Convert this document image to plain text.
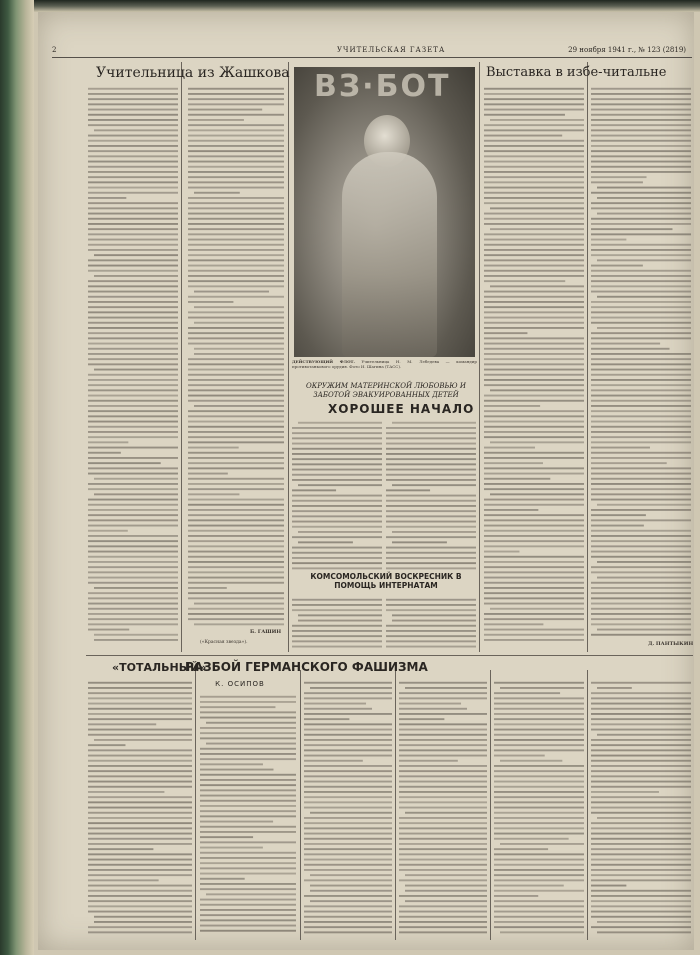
2	УЧИТЕЛЬСКАЯ ГАЗЕТА	29 ноября 1941 г., № 123 (2819)
Учительница из Жашкова
Б. ГАШИН
(«Красная звезда»).
ВЗ·БОТ
ДЕЙСТВУЮЩИЙ ФЛОТ. Учительница Н. М. Лебедева — командир противотанкового орудия. Фото И. Шагина (ТАСС).
ОКРУЖИМ МАТЕРИНСКОЙ ЛЮБОВЬЮ И ЗАБОТОЙ ЭВАКУИРОВАННЫХ ДЕТЕЙ
ХОРОШЕЕ НАЧАЛО
КОМСОМОЛЬСКИЙ ВОСКРЕСНИК В ПОМОЩЬ ИНТЕРНАТАМ
Выставка в избе-читальне
Д. ПАНТЫКИН
«ТОТАЛЬНЫЙ»
РАЗБОЙ ГЕРМАНСКОГО ФАШИЗМА
К. ОСИПОВ
